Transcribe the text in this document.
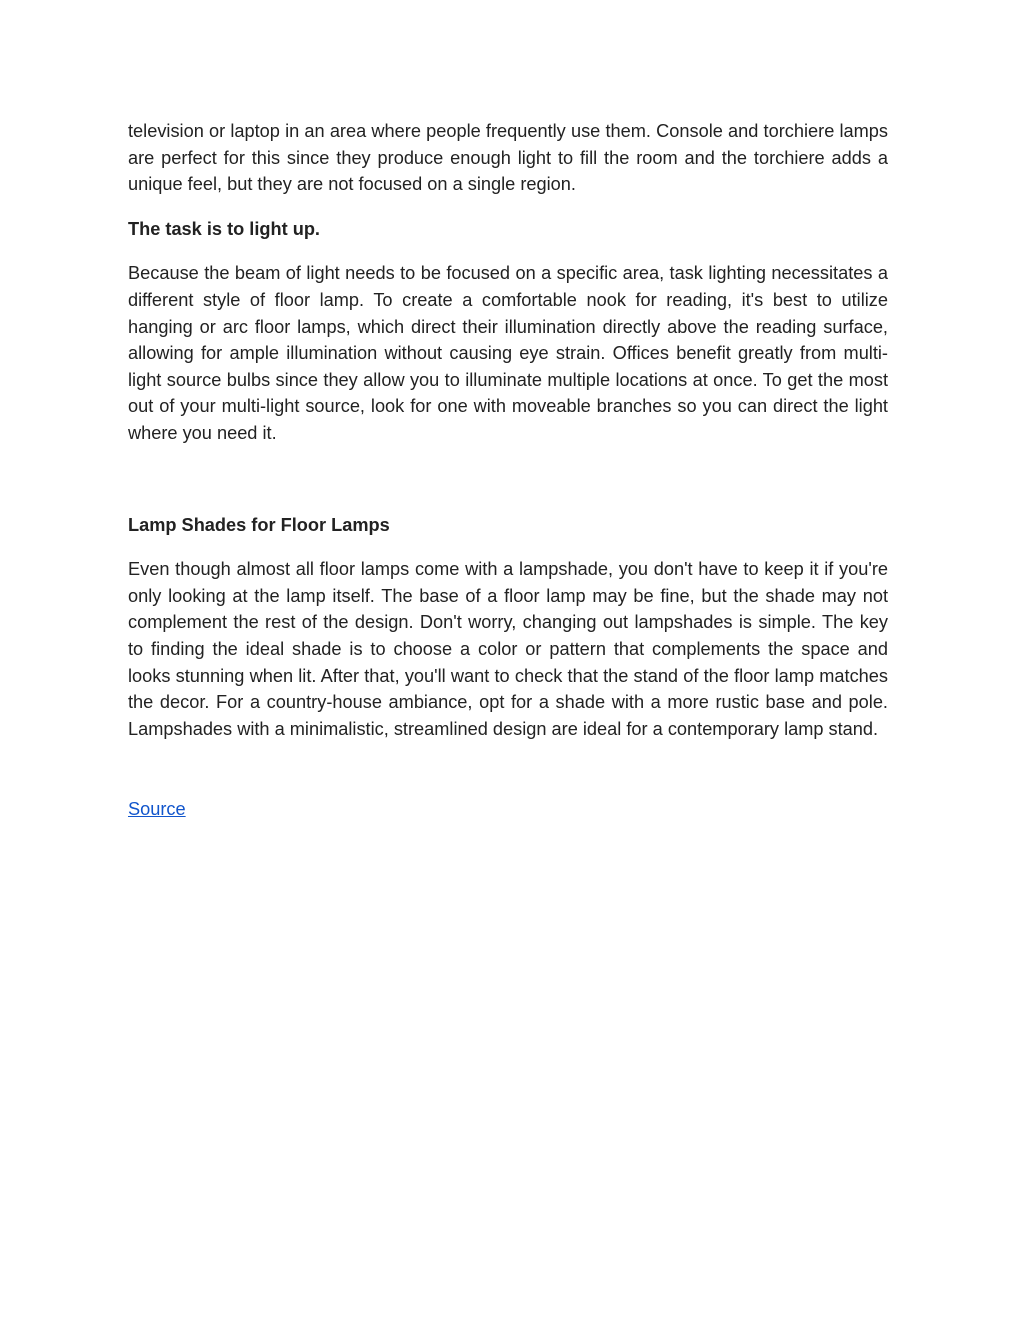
television or laptop in an area where people frequently use them. Console and torchiere lamps are perfect for this since they produce enough light to fill the room and the torchiere adds a unique feel, but they are not focused on a single region.

The task is to light up.

Because the beam of light needs to be focused on a specific area, task lighting necessitates a different style of floor lamp. To create a comfortable nook for reading, it's best to utilize hanging or arc floor lamps, which direct their illumination directly above the reading surface, allowing for ample illumination without causing eye strain. Offices benefit greatly from multi-light source bulbs since they allow you to illuminate multiple locations at once. To get the most out of your multi-light source, look for one with moveable branches so you can direct the light where you need it.

Lamp Shades for Floor Lamps

Even though almost all floor lamps come with a lampshade, you don't have to keep it if you're only looking at the lamp itself. The base of a floor lamp may be fine, but the shade may not complement the rest of the design. Don't worry, changing out lampshades is simple. The key to finding the ideal shade is to choose a color or pattern that complements the space and looks stunning when lit. After that, you'll want to check that the stand of the floor lamp matches the decor. For a country-house ambiance, opt for a shade with a more rustic base and pole. Lampshades with a minimalistic, streamlined design are ideal for a contemporary lamp stand.

Source
